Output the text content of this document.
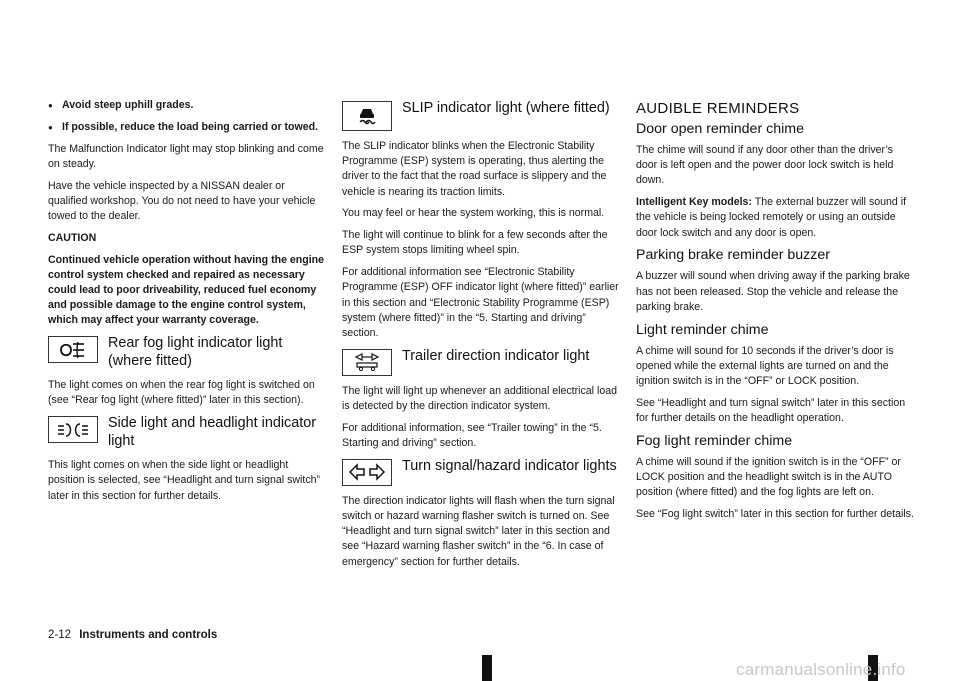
● Avoid steep uphill grades.
● If possible, reduce the load being carried or towed.

The Malfunction Indicator light may stop blinking and come on steady.

Have the vehicle inspected by a NISSAN dealer or qualified workshop. You do not need to have your vehicle towed to the dealer.

CAUTION

Continued vehicle operation without having the engine control system checked and repaired as necessary could lead to poor driveability, reduced fuel economy and possible damage to the engine control system, which may affect your warranty coverage.

Rear fog light indicator light (where fitted)

The light comes on when the rear fog light is switched on (see “Rear fog light (where fitted)” later in this section).

Side light and headlight indicator light

This light comes on when the side light or headlight position is selected, see “Headlight and turn signal switch” later in this section for further details.

SLIP indicator light (where fitted)

The SLIP indicator blinks when the Electronic Stability Programme (ESP) system is operating, thus alerting the driver to the fact that the road surface is slippery and the vehicle is nearing its traction limits.

You may feel or hear the system working, this is normal.

The light will continue to blink for a few seconds after the ESP system stops limiting wheel spin.

For additional information see “Electronic Stability Programme (ESP) OFF indicator light (where fitted)” earlier in this section and “Electronic Stability Programme (ESP) system (where fitted)” in the “5. Starting and driving” section.

Trailer direction indicator light

The light will light up whenever an additional electrical load is detected by the direction indicator system.

For additional information, see “Trailer towing” in the “5. Starting and driving” section.

Turn signal/hazard indicator lights

The direction indicator lights will flash when the turn signal switch or hazard warning flasher switch is turned on. See “Headlight and turn signal switch” later in this section and see “Hazard warning flasher switch” in the “6. In case of emergency” section for further details.

AUDIBLE REMINDERS
Door open reminder chime

The chime will sound if any door other than the driver’s door is left open and the power door lock switch is held down.

Intelligent Key models: The external buzzer will sound if the vehicle is being locked remotely or using an outside door lock switch and any door is open.

Parking brake reminder buzzer

A buzzer will sound when driving away if the parking brake has not been released. Stop the vehicle and release the parking brake.

Light reminder chime

A chime will sound for 10 seconds if the driver’s door is opened while the external lights are turned on and the ignition switch is in the “OFF” or LOCK position.

See “Headlight and turn signal switch” later in this section for further details on the headlight operation.

Fog light reminder chime

A chime will sound if the ignition switch is in the “OFF” or LOCK position and the headlight switch is in the AUTO position (where fitted) and the fog lights are left on.

See “Fog light switch” later in this section for further details.

2-12 Instruments and controls
carmanualsonline.info
